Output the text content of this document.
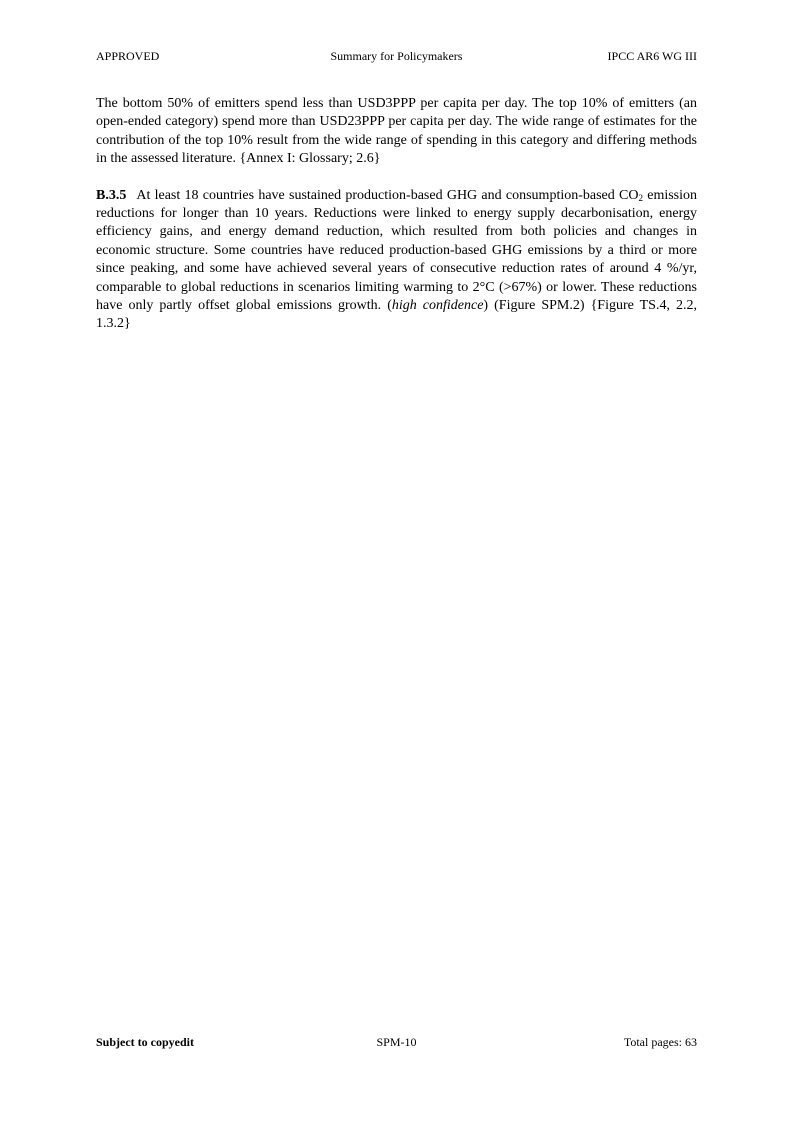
APPROVED	Summary for Policymakers	IPCC AR6 WG III

The bottom 50% of emitters spend less than USD3PPP per capita per day. The top 10% of emitters (an open-ended category) spend more than USD23PPP per capita per day. The wide range of estimates for the contribution of the top 10% result from the wide range of spending in this category and differing methods in the assessed literature. {Annex I: Glossary; 2.6}

B.3.5 At least 18 countries have sustained production-based GHG and consumption-based $CO_2$ emission reductions for longer than 10 years. Reductions were linked to energy supply decarbonisation, energy efficiency gains, and energy demand reduction, which resulted from both policies and changes in economic structure. Some countries have reduced production-based GHG emissions by a third or more since peaking, and some have achieved several years of consecutive reduction rates of around 4 %/yr, comparable to global reductions in scenarios limiting warming to 2°C (>67%) or lower. These reductions have only partly offset global emissions growth. (high confidence) (Figure SPM.2) {Figure TS.4, 2.2, 1.3.2}

Subject to copyedit	SPM-10	Total pages: 63
